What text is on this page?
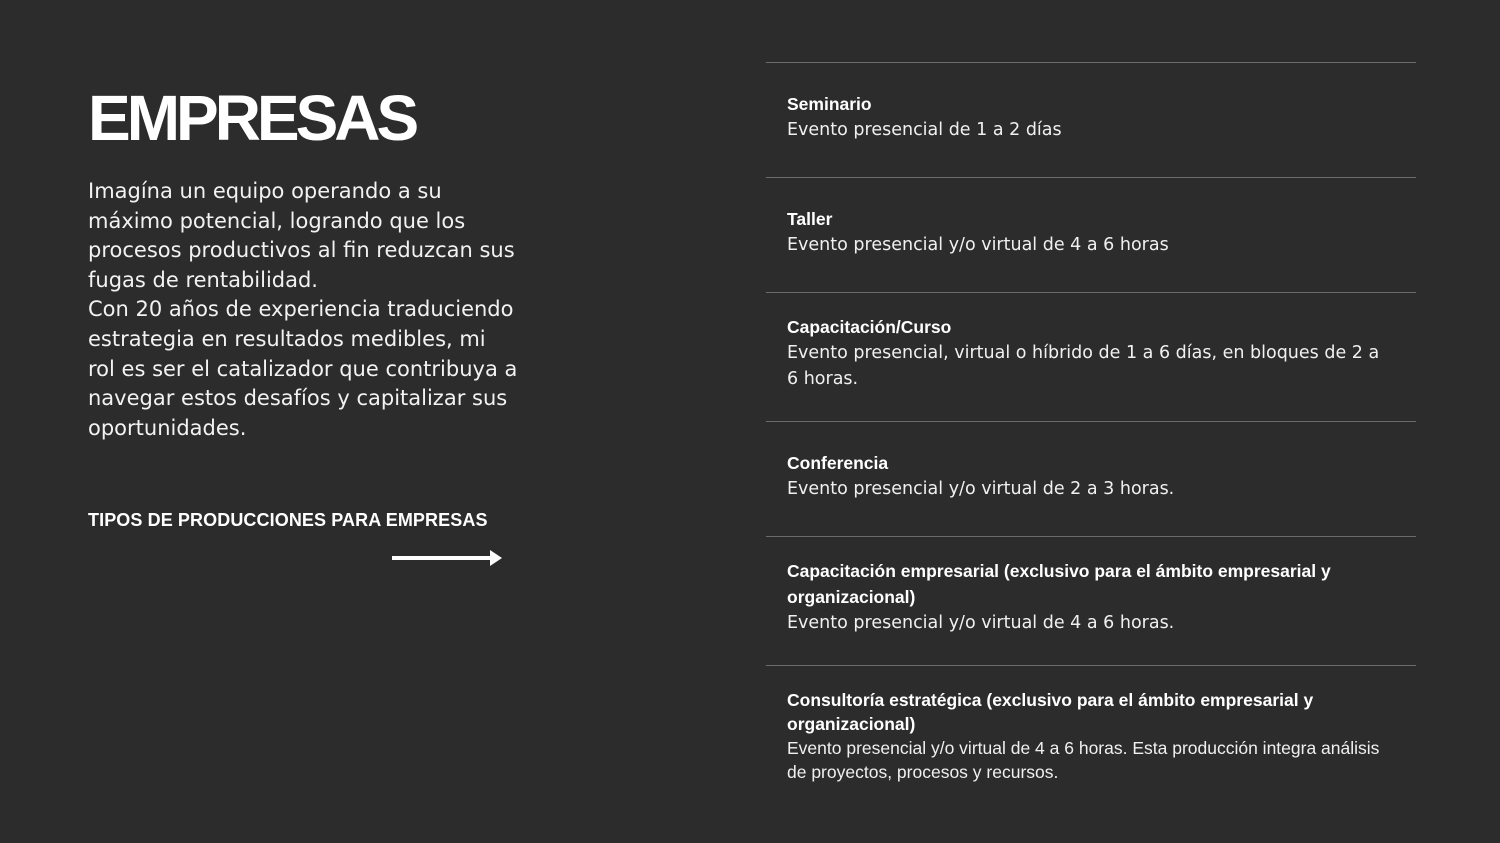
EMPRESAS

Imagína un equipo operando a su máximo potencial, logrando que los procesos productivos al fin reduzcan sus fugas de rentabilidad.

Con 20 años de experiencia traduciendo estrategia en resultados medibles, mi rol es ser el catalizador que contribuya a navegar estos desafíos y capitalizar sus oportunidades.

TIPOS DE PRODUCCIONES PARA EMPRESAS
Seminario
Evento presencial de 1 a 2 días
Taller
Evento presencial y/o virtual de 4 a 6 horas
Capacitación/Curso
Evento presencial, virtual o híbrido de 1 a 6 días, en bloques de 2 a 6 horas.
Conferencia
Evento presencial y/o virtual de 2 a 3 horas.
Capacitación empresarial (exclusivo para el ámbito empresarial y organizacional)
Evento presencial y/o virtual de 4 a 6 horas.
Consultoría estratégica (exclusivo para el ámbito empresarial y organizacional)
Evento presencial y/o virtual de 4 a 6 horas. Esta producción integra análisis de proyectos, procesos y recursos.
